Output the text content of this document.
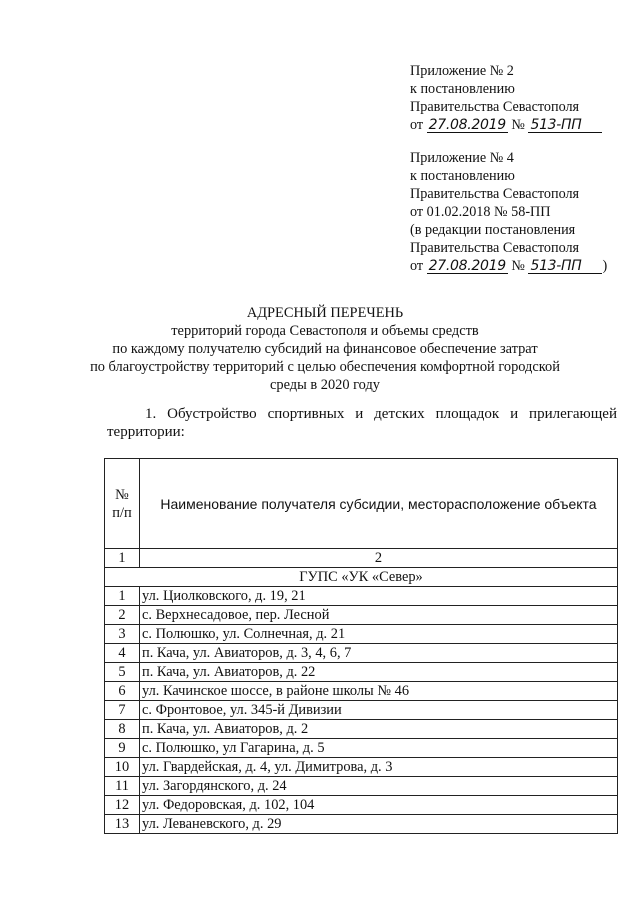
Приложение № 2
к постановлению
Правительства Севастополя
от 27.08.2019 № 513-ПП
Приложение № 4
к постановлению
Правительства Севастополя
от 01.02.2018 № 58-ПП
(в редакции постановления
Правительства Севастополя
от 27.08.2019 № 513-ПП )
АДРЕСНЫЙ ПЕРЕЧЕНЬ
территорий города Севастополя и объемы средств
по каждому получателю субсидий на финансовое обеспечение затрат
по благоустройству территорий с целью обеспечения комфортной городской
среды в 2020 году
1. Обустройство спортивных и детских площадок и прилегающей территории:
№
п/п	Наименование получателя субсидии, месторасположение объекта
1	2
ГУПС «УК «Север»	
1	ул. Циолковского, д. 19, 21
2	с. Верхнесадовое, пер. Лесной
3	с. Полюшко, ул. Солнечная, д. 21
4	п. Кача, ул. Авиаторов, д. 3, 4, 6, 7
5	п. Кача, ул. Авиаторов, д. 22
6	ул. Качинское шоссе, в районе школы № 46
7	с. Фронтовое, ул. 345-й Дивизии
8	п. Кача, ул. Авиаторов, д. 2
9	с. Полюшко, ул Гагарина, д. 5
10	ул. Гвардейская, д. 4, ул. Димитрова, д. 3
11	ул. Загордянского, д. 24
12	ул. Федоровская, д. 102, 104
13	ул. Леваневского, д. 29
